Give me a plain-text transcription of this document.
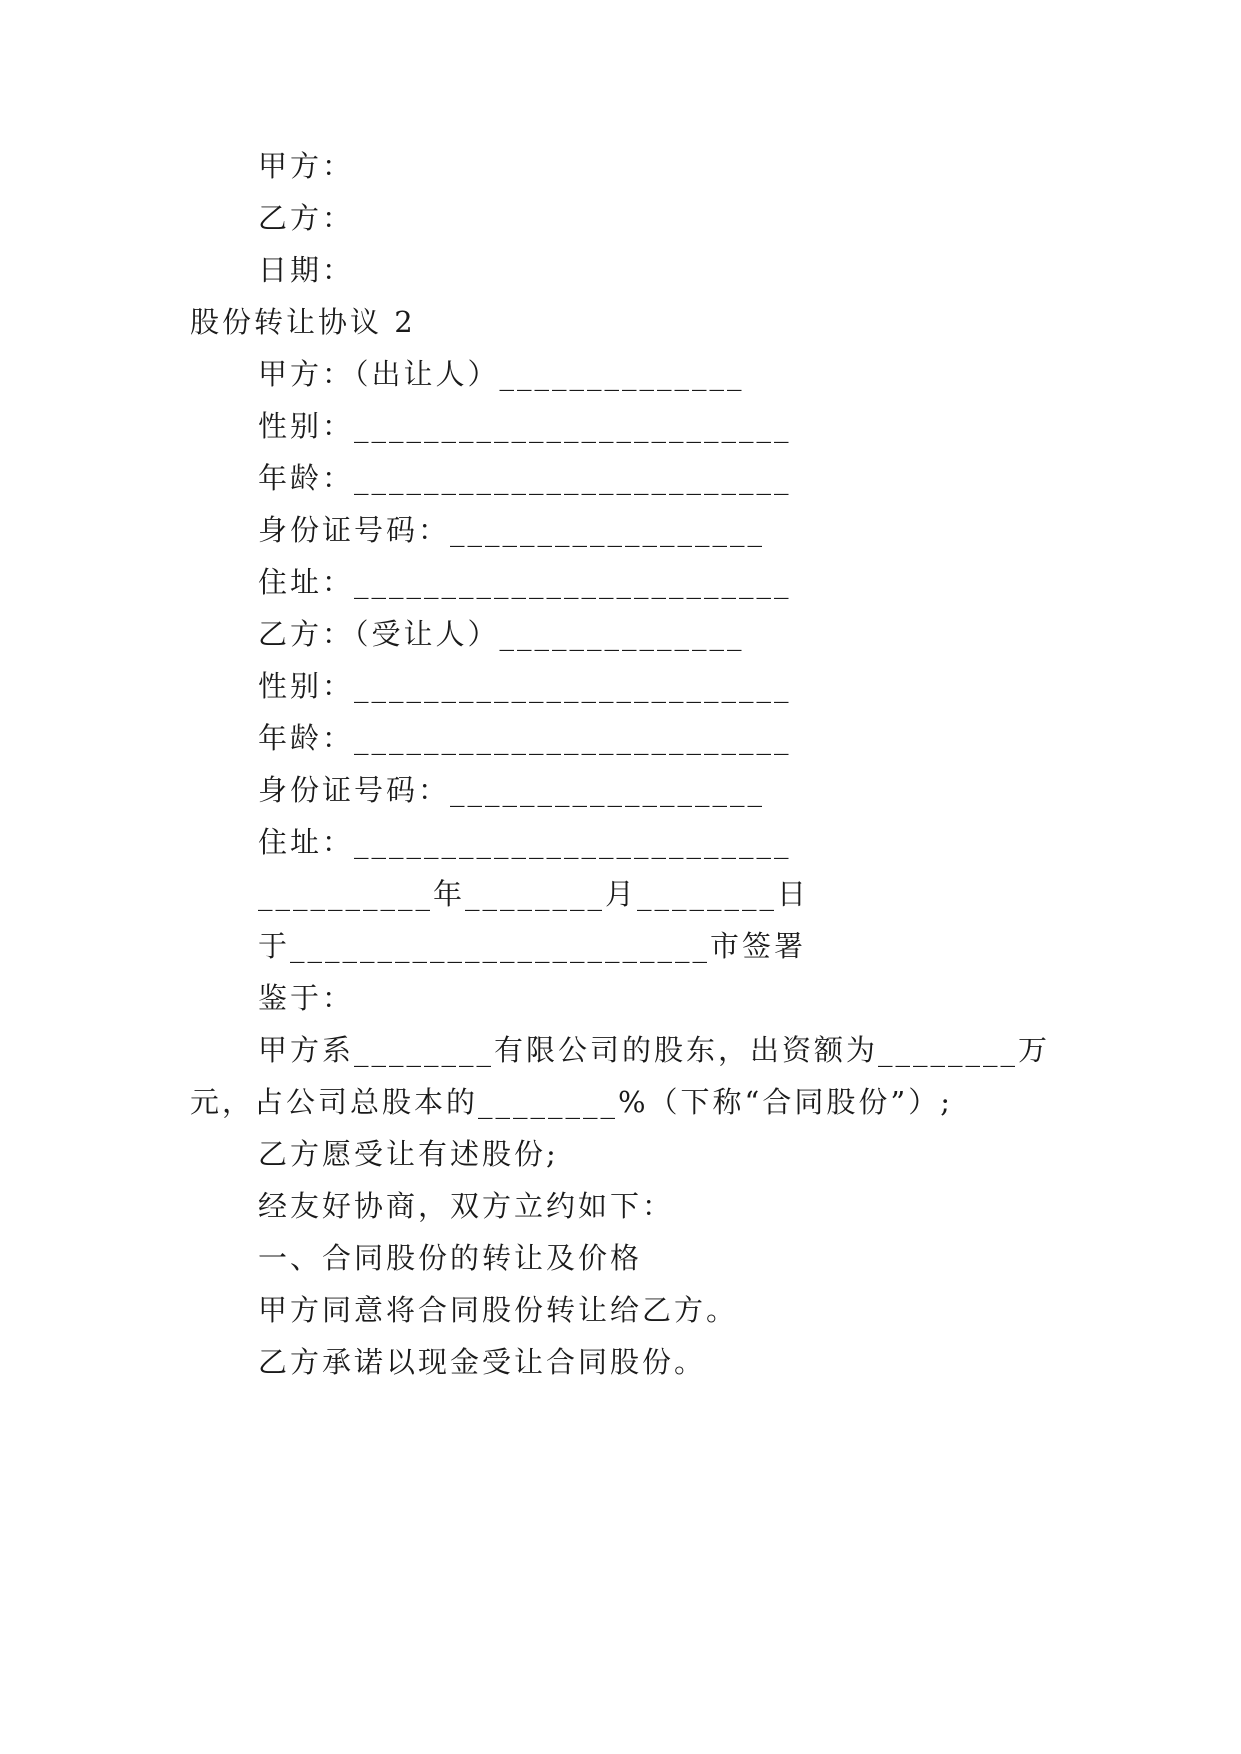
甲方：
乙方：
日期：
股份转让协议 2
甲方：（出让人）______________
性别：_________________________
年龄：_________________________
身份证号码：__________________
住址：_________________________
乙方：（受让人）______________
性别：_________________________
年龄：_________________________
身份证号码：__________________
住址：_________________________
__________年________月________日
于________________________市签署
鉴于：
甲方系________有限公司的股东，出资额为________万
元，占公司总股本的________%（下称“合同股份”）;
乙方愿受让有述股份;
经友好协商，双方立约如下：
一、合同股份的转让及价格
甲方同意将合同股份转让给乙方。
乙方承诺以现金受让合同股份。
